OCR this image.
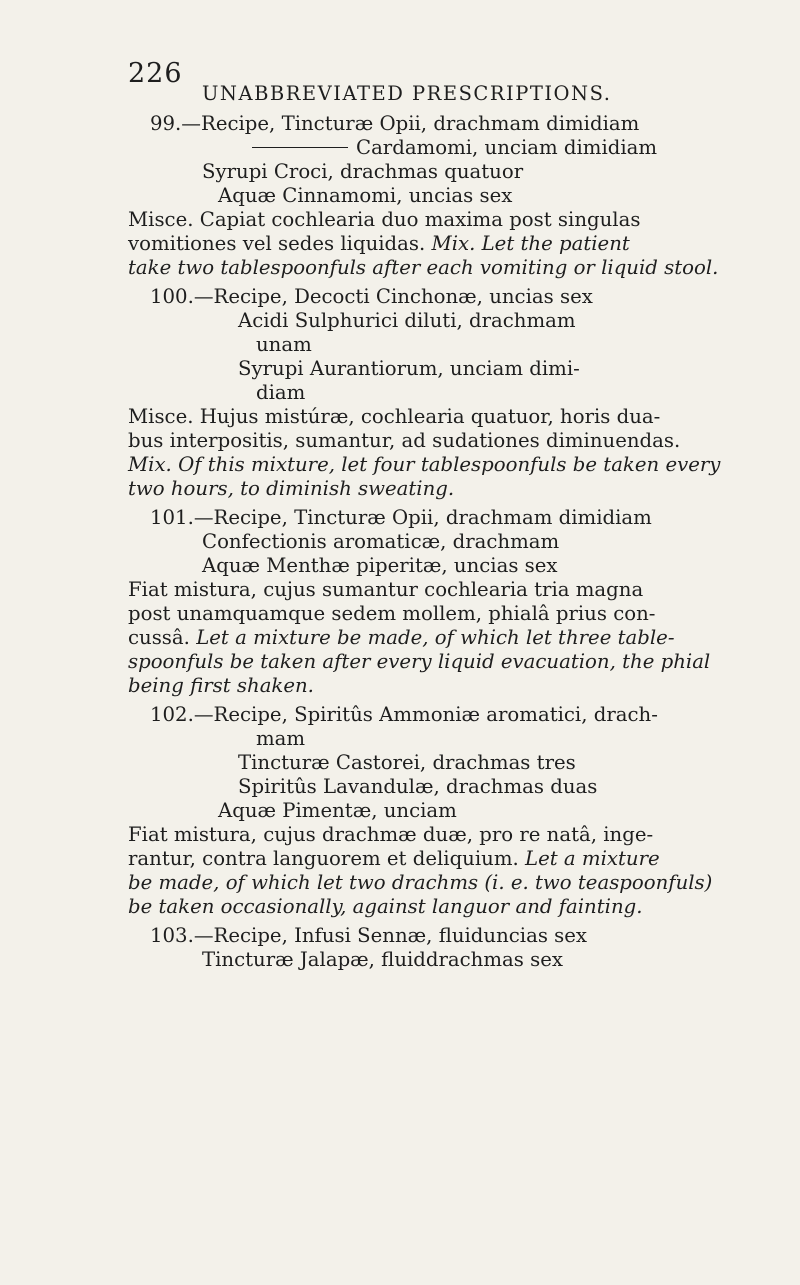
226
UNABBREVIATED PRESCRIPTIONS.
99.—Recipe, Tincturæ Opii, drachmam dimidiam
Cardamomi, unciam dimidiam
Syrupi Croci, drachmas quatuor
Aquæ Cinnamomi, uncias sex
Misce. Capiat cochlearia duo maxima post singulas
vomitiones vel sedes liquidas. Mix. Let the patient
take two tablespoonfuls after each vomiting or liquid stool.
100.—Recipe, Decocti Cinchonæ, uncias sex
Acidi Sulphurici diluti, drachmam
unam
Syrupi Aurantiorum, unciam dimi-
diam
Misce. Hujus mistúræ, cochlearia quatuor, horis dua-
bus interpositis, sumantur, ad sudationes diminuendas.
Mix. Of this mixture, let four tablespoonfuls be taken every
two hours, to diminish sweating.
101.—Recipe, Tincturæ Opii, drachmam dimidiam
Confectionis aromaticæ, drachmam
Aquæ Menthæ piperitæ, uncias sex
Fiat mistura, cujus sumantur cochlearia tria magna
post unamquamque sedem mollem, phialâ prius con-
cussâ. Let a mixture be made, of which let three table-
spoonfuls be taken after every liquid evacuation, the phial
being first shaken.
102.—Recipe, Spiritûs Ammoniæ aromatici, drach-
mam
Tincturæ Castorei, drachmas tres
Spiritûs Lavandulæ, drachmas duas
Aquæ Pimentæ, unciam
Fiat mistura, cujus drachmæ duæ, pro re natâ, inge-
rantur, contra languorem et deliquium. Let a mixture
be made, of which let two drachms (i. e. two teaspoonfuls)
be taken occasionally, against languor and fainting.
103.—Recipe, Infusi Sennæ, fluiduncias sex
Tincturæ Jalapæ, fluiddrachmas sex
